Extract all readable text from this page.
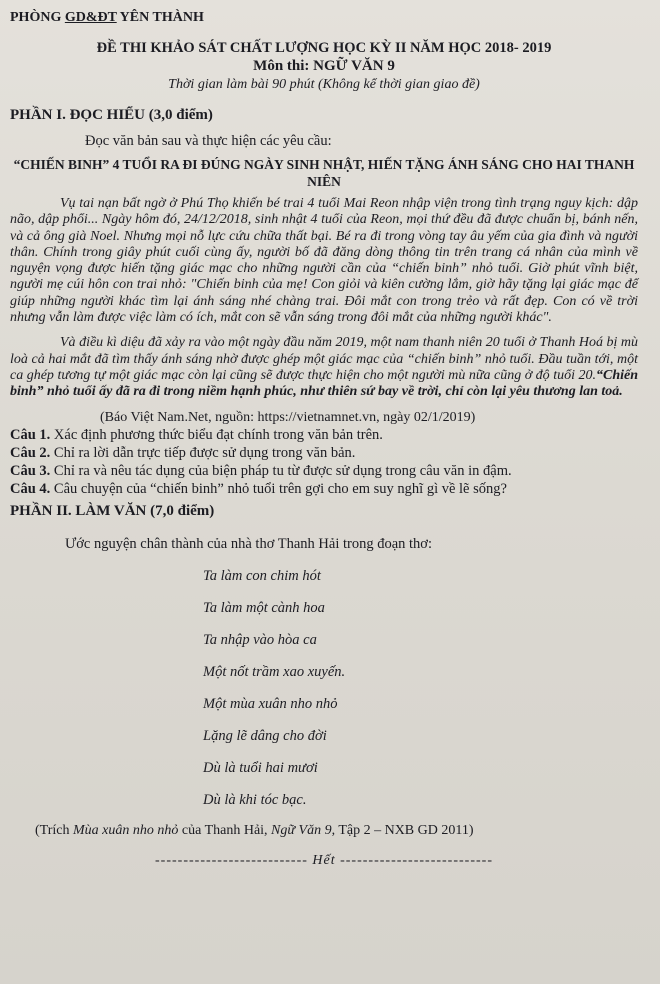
PHÒNG GD&ĐT YÊN THÀNH
ĐỀ THI KHẢO SÁT CHẤT LƯỢNG HỌC KỲ II NĂM HỌC 2018- 2019
Môn thi: NGỮ VĂN 9
Thời gian làm bài 90 phút (Không kể thời gian giao đề)
PHẦN I. ĐỌC HIỂU (3,0 điểm)
Đọc văn bản sau và thực hiện các yêu cầu:
“CHIẾN BINH” 4 TUỔI RA ĐI ĐÚNG NGÀY SINH NHẬT, HIẾN TẶNG ÁNH SÁNG CHO HAI THANH NIÊN

Vụ tai nạn bất ngờ ở Phú Thọ khiến bé trai 4 tuổi Mai Reon nhập viện trong tình trạng nguy kịch: dập não, dập phổi... Ngày hôm đó, 24/12/2018, sinh nhật 4 tuổi của Reon, mọi thứ đều đã được chuẩn bị, bánh nến, và cả ông già Noel. Nhưng mọi nỗ lực cứu chữa thất bại. Bé ra đi trong vòng tay âu yếm của gia đình và người thân. Chính trong giây phút cuối cùng ấy, người bố đã đăng dòng thông tin trên trang cá nhân của mình về nguyện vọng được hiến tặng giác mạc cho những người cần của “chiến binh” nhỏ tuổi. Giờ phút vĩnh biệt, người mẹ cúi hôn con trai nhỏ: "Chiến binh của mẹ! Con giỏi và kiên cường lắm, giờ hãy tặng lại giác mạc để giúp những người khác tìm lại ánh sáng nhé chàng trai. Đôi mắt con trong trẻo và rất đẹp. Con có về trời nhưng vẫn làm được việc làm có ích, mắt con sẽ vẫn sáng trong đôi mắt của những người khác".

Và điều kì diệu đã xảy ra vào một ngày đầu năm 2019, một nam thanh niên 20 tuổi ở Thanh Hoá bị mù loà cả hai mắt đã tìm thấy ánh sáng nhờ được ghép một giác mạc của “chiến binh” nhỏ tuổi. Đầu tuần tới, một ca ghép tương tự một giác mạc còn lại cũng sẽ được thực hiện cho một người mù nữa cũng ở độ tuổi 20.“Chiến binh” nhỏ tuổi ấy đã ra đi trong niềm hạnh phúc, như thiên sứ bay về trời, chỉ còn lại yêu thương lan toả.

(Báo Việt Nam.Net, nguồn: https://vietnamnet.vn, ngày 02/1/2019)
Câu 1. Xác định phương thức biểu đạt chính trong văn bản trên.
Câu 2. Chỉ ra lời dẫn trực tiếp được sử dụng trong văn bản.
Câu 3. Chỉ ra và nêu tác dụng của biện pháp tu từ được sử dụng trong câu văn in đậm.
Câu 4. Câu chuyện của “chiến binh” nhỏ tuổi trên gợi cho em suy nghĩ gì về lẽ sống?
PHẦN II. LÀM VĂN (7,0 điểm)
Ước nguyện chân thành của nhà thơ Thanh Hải trong đoạn thơ:
Ta làm con chim hót
Ta làm một cành hoa
Ta nhập vào hòa ca
Một nốt trầm xao xuyến.
Một mùa xuân nho nhỏ
Lặng lẽ dâng cho đời
Dù là tuổi hai mươi
Dù là khi tóc bạc.
(Trích Mùa xuân nho nhỏ của Thanh Hải, Ngữ Văn 9, Tập 2 – NXB GD 2011)
--------------------------- Hết ---------------------------
